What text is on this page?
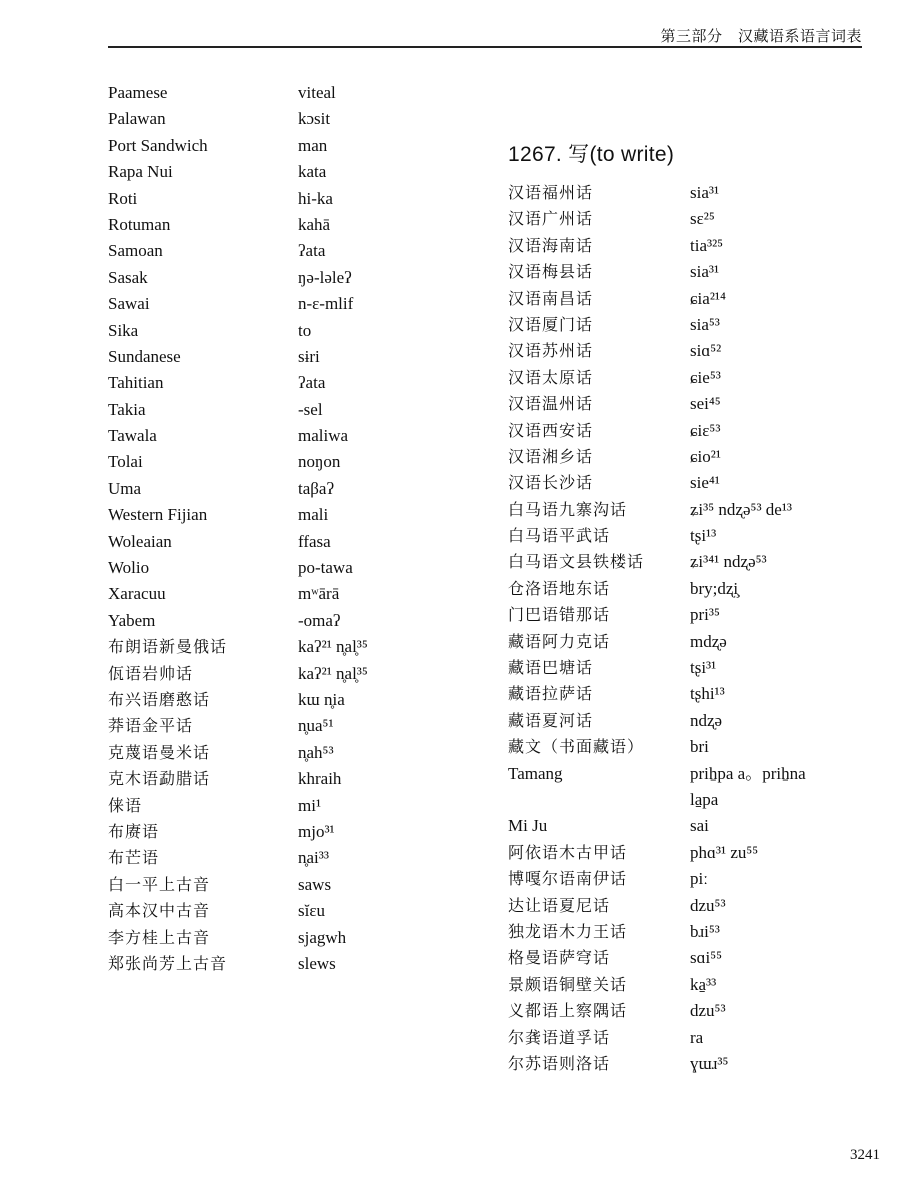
第三部分　汉藏语系语言词表
Paamese	viteal
Palawan	kɔsit
Port Sandwich	man
Rapa Nui	kata
Roti	hi-ka
Rotuman	kahā
Samoan	ʔata
Sasak	ŋə-ləleʔ
Sawai	n-ɛ-mlif
Sika	to
Sundanese	sɨri
Tahitian	ʔata
Takia	-sel
Tawala	maliwa
Tolai	noŋon
Uma	taβaʔ
Western Fijian	mali
Woleaian	ffasa
Wolio	po-tawa
Xaracuu	mʷārā
Yabem	-omaʔ
布朗语新曼俄话	kaʔ²¹ n̥al̥³⁵
佤语岩帅话	kaʔ²¹ n̥al̥³⁵
布兴语磨憨话	kɯ n̥ia
莽语金平话	n̥ua⁵¹
克蔑语曼米话	n̥ah⁵³
克木语勐腊话	khraih
俫语	mi¹
布赓语	mjo³¹
布芒语	n̥ai³³
白一平上古音	saws
高本汉中古音	sĭɛu
李方桂上古音	sjagwh
郑张尚芳上古音	slews
1267. 写(to write)
汉语福州话	sia³¹
汉语广州话	sɛ²⁵
汉语海南话	tia³²⁵
汉语梅县话	sia³¹
汉语南昌话	ɕia²¹⁴
汉语厦门话	sia⁵³
汉语苏州话	siɑ⁵²
汉语太原话	ɕie⁵³
汉语温州话	sei⁴⁵
汉语西安话	ɕiɛ⁵³
汉语湘乡话	ɕio²¹
汉语长沙话	sie⁴¹
白马语九寨沟话	ʑi³⁵ ndʐə⁵³ de¹³
白马语平武话	tʂi¹³
白马语文县铁楼话	ʑi³⁴¹ ndʐə⁵³
仓洛语地东话	bry;dʐi̧
门巴语错那话	pri³⁵
藏语阿力克话	mdʐə
藏语巴塘话	tʂi³¹
藏语拉萨话	tʂhi¹³
藏语夏河话	ndʐə
藏文（书面藏语）	bri
Tamang	prih̠pa a。prih̠na
la̠pa
Mi Ju	sai
阿依语木古甲话	phɑ³¹ zu⁵⁵
博嘎尔语南伊话	piː
达让语夏尼话	dzu⁵³
独龙语木力王话	bɹi⁵³
格曼语萨穹话	sɑi⁵⁵
景颇语铜壁关话	ka̠³³
义都语上察隅话	dzu⁵³
尔龚语道孚话	ra
尔苏语则洛话	ɣɯɹ³⁵
3241
